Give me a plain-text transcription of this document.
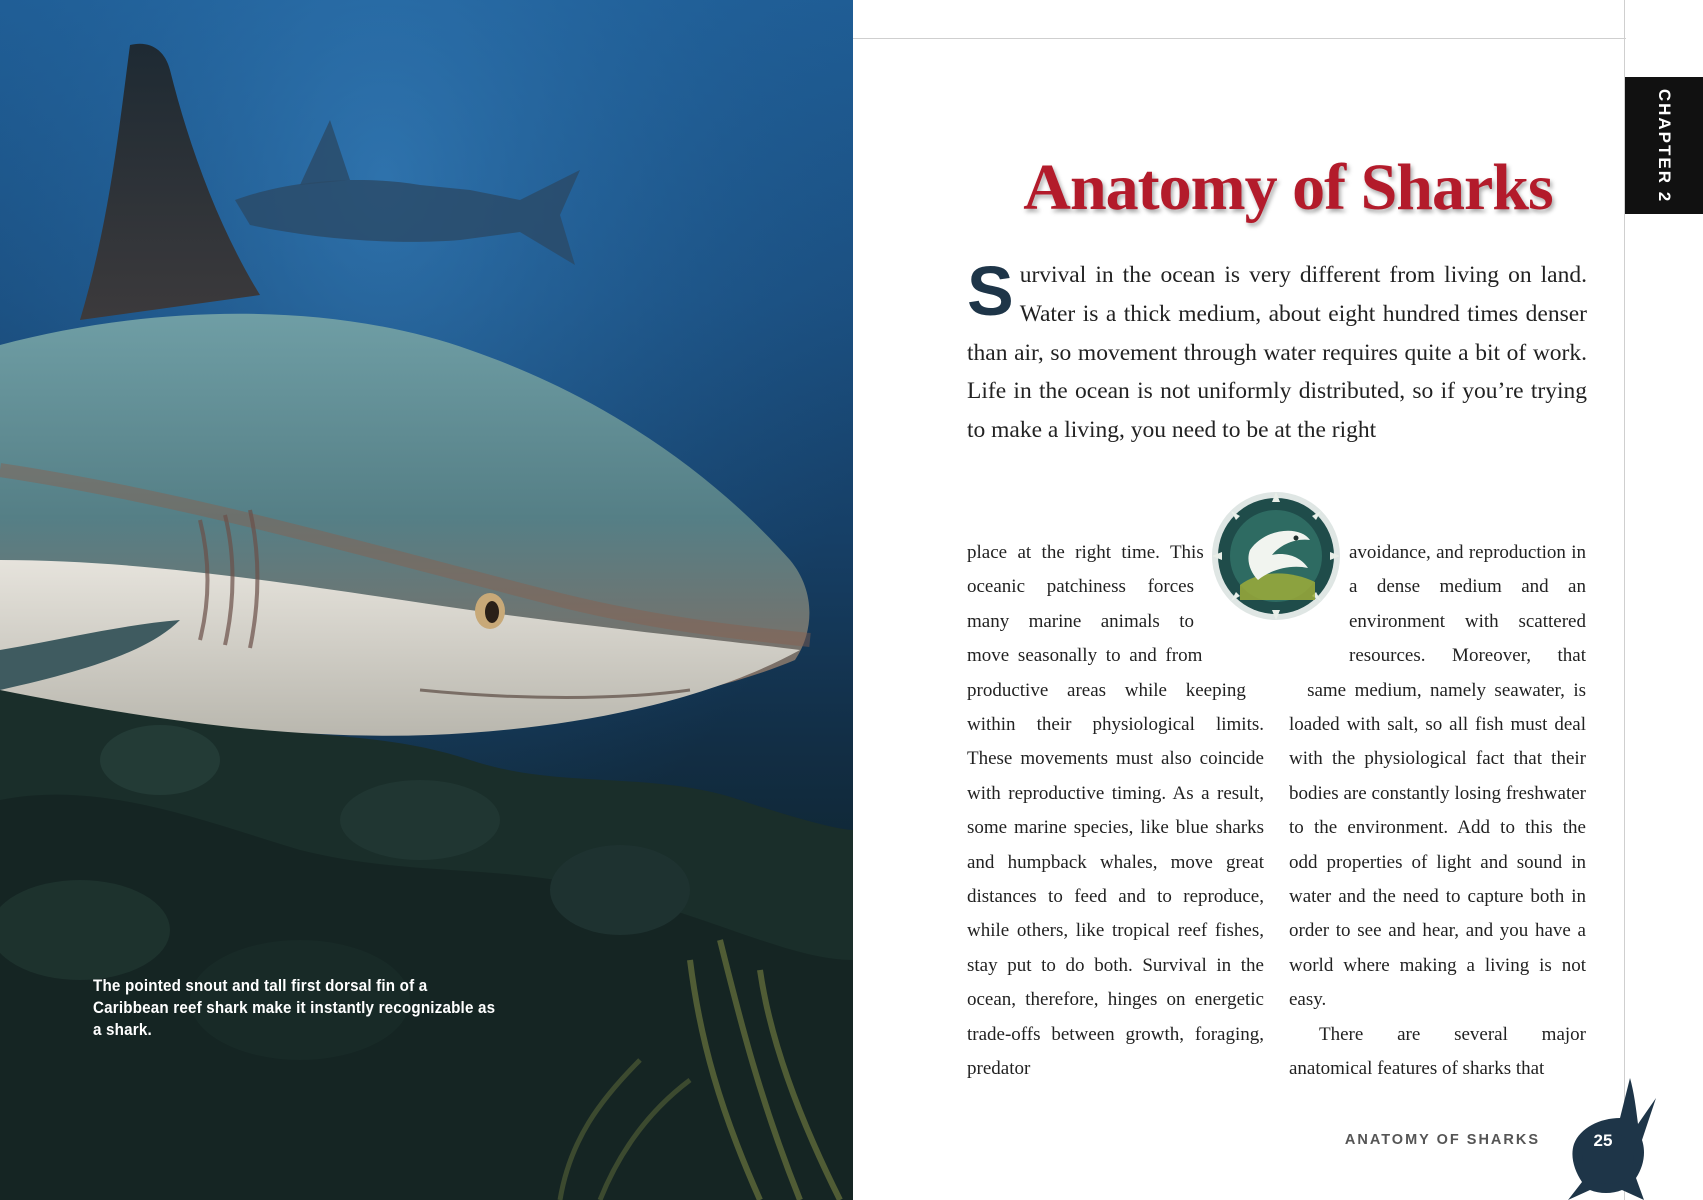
The pointed snout and tall first dorsal fin of a Caribbean reef shark make it instantly recognizable as a shark.
CHAPTER 2
Anatomy of Sharks
S urvival in the ocean is very different from living on land. Water is a thick medium, about eight hundred times denser than air, so movement through water requires quite a bit of work. Life in the ocean is not uniformly distributed, so if you’re trying to make a living, you need to be at the right

place at the right time. This oceanic patchiness forces many marine animals to move seasonally to and from productive areas while keeping within their physiological limits. These movements must also coincide with reproductive timing. As a result, some marine species, like blue sharks and humpback whales, move great distances to feed and to reproduce, while others, like tropical reef fishes, stay put to do both. Survival in the ocean, therefore, hinges on energetic trade-offs between growth, foraging, predator

avoidance, and reproduction in a dense medium and an environment with scattered resources. Moreover, that same medium, namely seawater, is loaded with salt, so all fish must deal with the physiological fact that their bodies are constantly losing freshwater to the environment. Add to this the odd properties of light and sound in water and the need to capture both in order to see and hear, and you have a world where making a living is not easy.

There are several major anatomical features of sharks that

ANATOMY OF SHARKS	25
